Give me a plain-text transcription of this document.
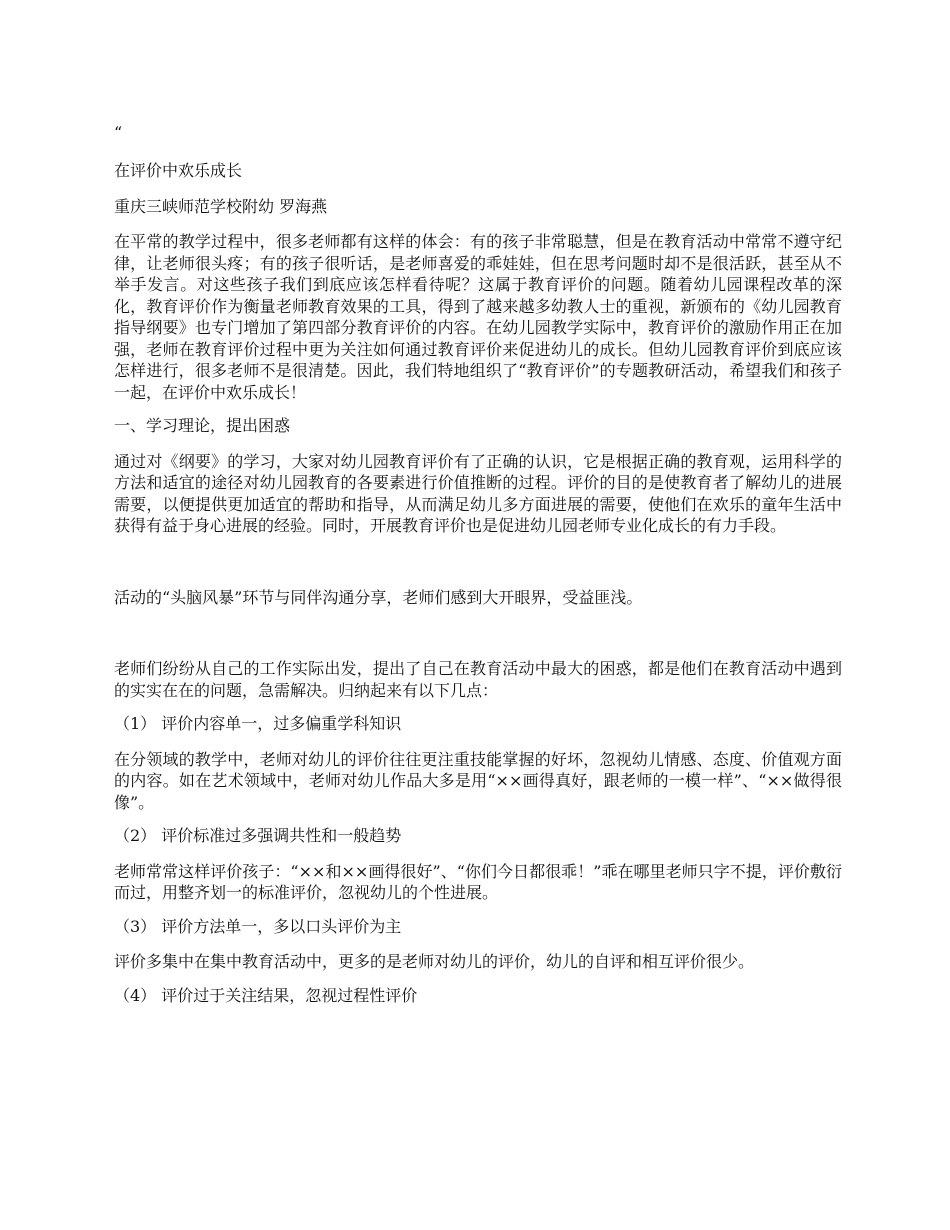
“

在评价中欢乐成长

重庆三峡师范学校附幼 罗海燕

在平常的教学过程中，很多老师都有这样的体会：有的孩子非常聪慧，但是在教育活动中常常不遵守纪律，让老师很头疼；有的孩子很听话，是老师喜爱的乖娃娃，但在思考问题时却不是很活跃，甚至从不举手发言。对这些孩子我们到底应该怎样看待呢？这属于教育评价的问题。随着幼儿园课程改革的深化，教育评价作为衡量老师教育效果的工具，得到了越来越多幼教人士的重视，新颁布的《幼儿园教育指导纲要》也专门增加了第四部分教育评价的内容。在幼儿园教学实际中，教育评价的激励作用正在加强，老师在教育评价过程中更为关注如何通过教育评价来促进幼儿的成长。但幼儿园教育评价到底应该怎样进行，很多老师不是很清楚。因此，我们特地组织了“教育评价”的专题教研活动，希望我们和孩子一起，在评价中欢乐成长！

一、学习理论，提出困惑

通过对《纲要》的学习，大家对幼儿园教育评价有了正确的认识，它是根据正确的教育观，运用科学的方法和适宜的途径对幼儿园教育的各要素进行价值推断的过程。评价的目的是使教育者了解幼儿的进展需要，以便提供更加适宜的帮助和指导，从而满足幼儿多方面进展的需要，使他们在欢乐的童年生活中获得有益于身心进展的经验。同时，开展教育评价也是促进幼儿园老师专业化成长的有力手段。

活动的“头脑风暴”环节与同伴沟通分享，老师们感到大开眼界，受益匪浅。

老师们纷纷从自己的工作实际出发，提出了自己在教育活动中最大的困惑，都是他们在教育活动中遇到的实实在在的问题，急需解决。归纳起来有以下几点：

（1） 评价内容单一，过多偏重学科知识

在分领域的教学中，老师对幼儿的评价往往更注重技能掌握的好坏，忽视幼儿情感、态度、价值观方面的内容。如在艺术领域中，老师对幼儿作品大多是用“××画得真好，跟老师的一模一样”、“××做得很像”。

（2） 评价标准过多强调共性和一般趋势

老师常常这样评价孩子：“××和××画得很好”、“你们今日都很乖！”乖在哪里老师只字不提，评价敷衍而过，用整齐划一的标准评价，忽视幼儿的个性进展。

（3） 评价方法单一，多以口头评价为主

评价多集中在集中教育活动中，更多的是老师对幼儿的评价，幼儿的自评和相互评价很少。

（4） 评价过于关注结果，忽视过程性评价
